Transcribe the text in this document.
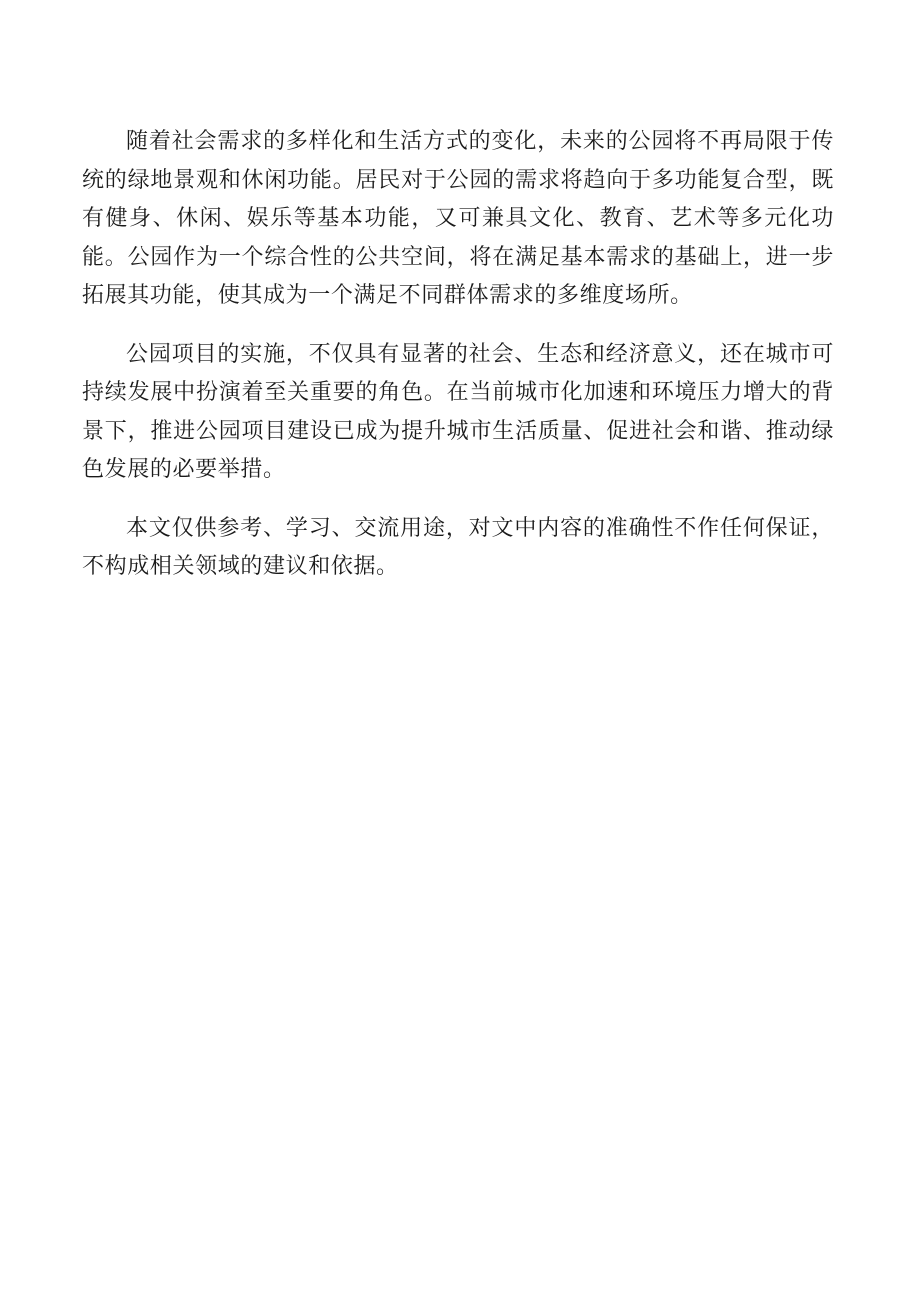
随着社会需求的多样化和生活方式的变化，未来的公园将不再局限于传统的绿地景观和休闲功能。居民对于公园的需求将趋向于多功能复合型，既有健身、休闲、娱乐等基本功能，又可兼具文化、教育、艺术等多元化功能。公园作为一个综合性的公共空间，将在满足基本需求的基础上，进一步拓展其功能，使其成为一个满足不同群体需求的多维度场所。

公园项目的实施，不仅具有显著的社会、生态和经济意义，还在城市可持续发展中扮演着至关重要的角色。在当前城市化加速和环境压力增大的背景下，推进公园项目建设已成为提升城市生活质量、促进社会和谐、推动绿色发展的必要举措。

本文仅供参考、学习、交流用途，对文中内容的准确性不作任何保证，不构成相关领域的建议和依据。
